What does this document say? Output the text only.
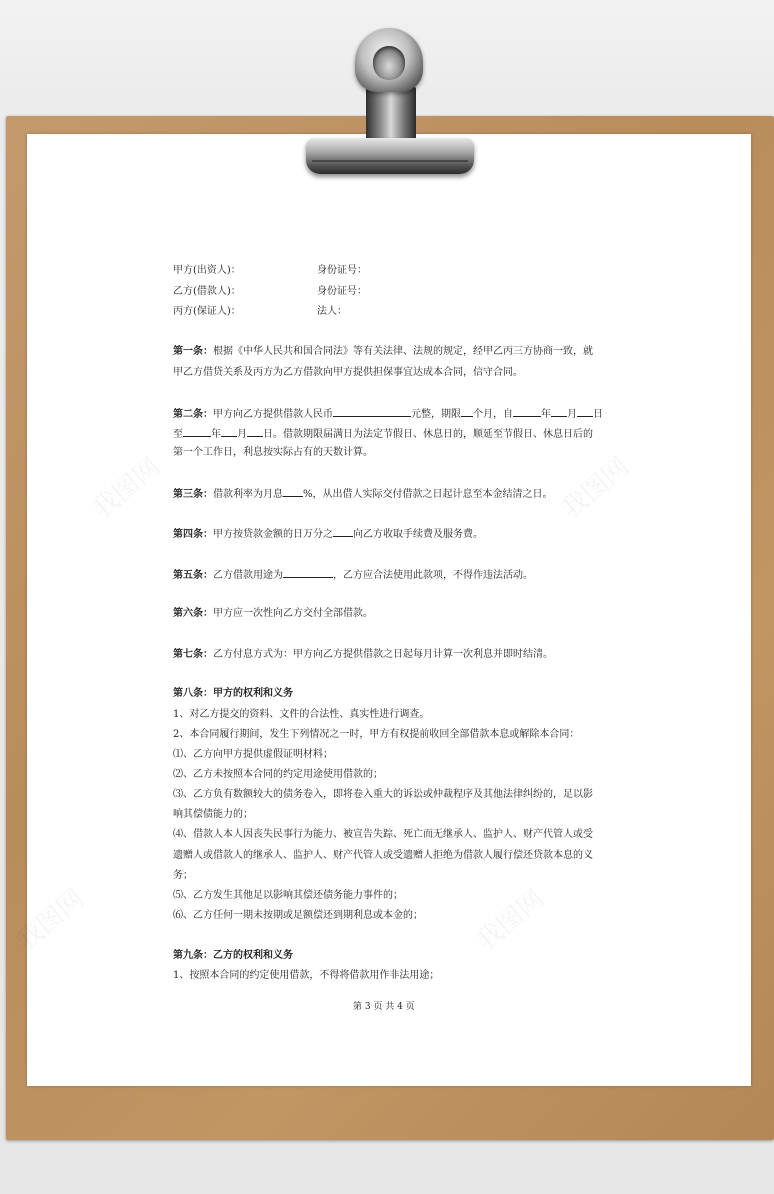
甲方(出资人)：	身份证号：
乙方(借款人)：	身份证号：
丙方(保证人)：	法人：
第一条：根据《中华人民共和国合同法》等有关法律、法规的规定，经甲乙丙三方协商一致，就
甲乙方借贷关系及丙方为乙方借款向甲方提供担保事宜达成本合同，信守合同。
第二条：甲方向乙方提供借款人民币	元整，期限 个月，自	年 月 日
至	年 月 日。借款期限届满日为法定节假日、休息日的，顺延至节假日、休息日后的
第一个工作日，利息按实际占有的天数计算。
第三条：借款利率为月息 %，从出借人实际交付借款之日起计息至本金结清之日。
第四条：甲方按贷款金额的日万分之 向乙方收取手续费及服务费。
第五条：乙方借款用途为	，乙方应合法使用此款项，不得作违法活动。
第六条：甲方应一次性向乙方交付全部借款。
第七条：乙方付息方式为：甲方向乙方提供借款之日起每月计算一次利息并即时结清。
第八条：甲方的权利和义务
1、对乙方提交的资料、文件的合法性、真实性进行调查。
2、本合同履行期间，发生下列情况之一时，甲方有权提前收回全部借款本息或解除本合同：
⑴、乙方向甲方提供虚假证明材料；
⑵、乙方未按照本合同的约定用途使用借款的；
⑶、乙方负有数额较大的债务卷入，即将卷入重大的诉讼或仲裁程序及其他法律纠纷的，足以影
响其偿债能力的；
⑷、借款人本人因丧失民事行为能力、被宣告失踪、死亡而无继承人、监护人、财产代管人或受
遗赠人或借款人的继承人、监护人、财产代管人或受遗赠人拒绝为借款人履行偿还贷款本息的义
务；
⑸、乙方发生其他足以影响其偿还债务能力事件的；
⑹、乙方任何一期未按期或足额偿还到期利息或本金的；
第九条：乙方的权利和义务
1、按照本合同的约定使用借款，不得将借款用作非法用途；
第 3 页 共 4 页
